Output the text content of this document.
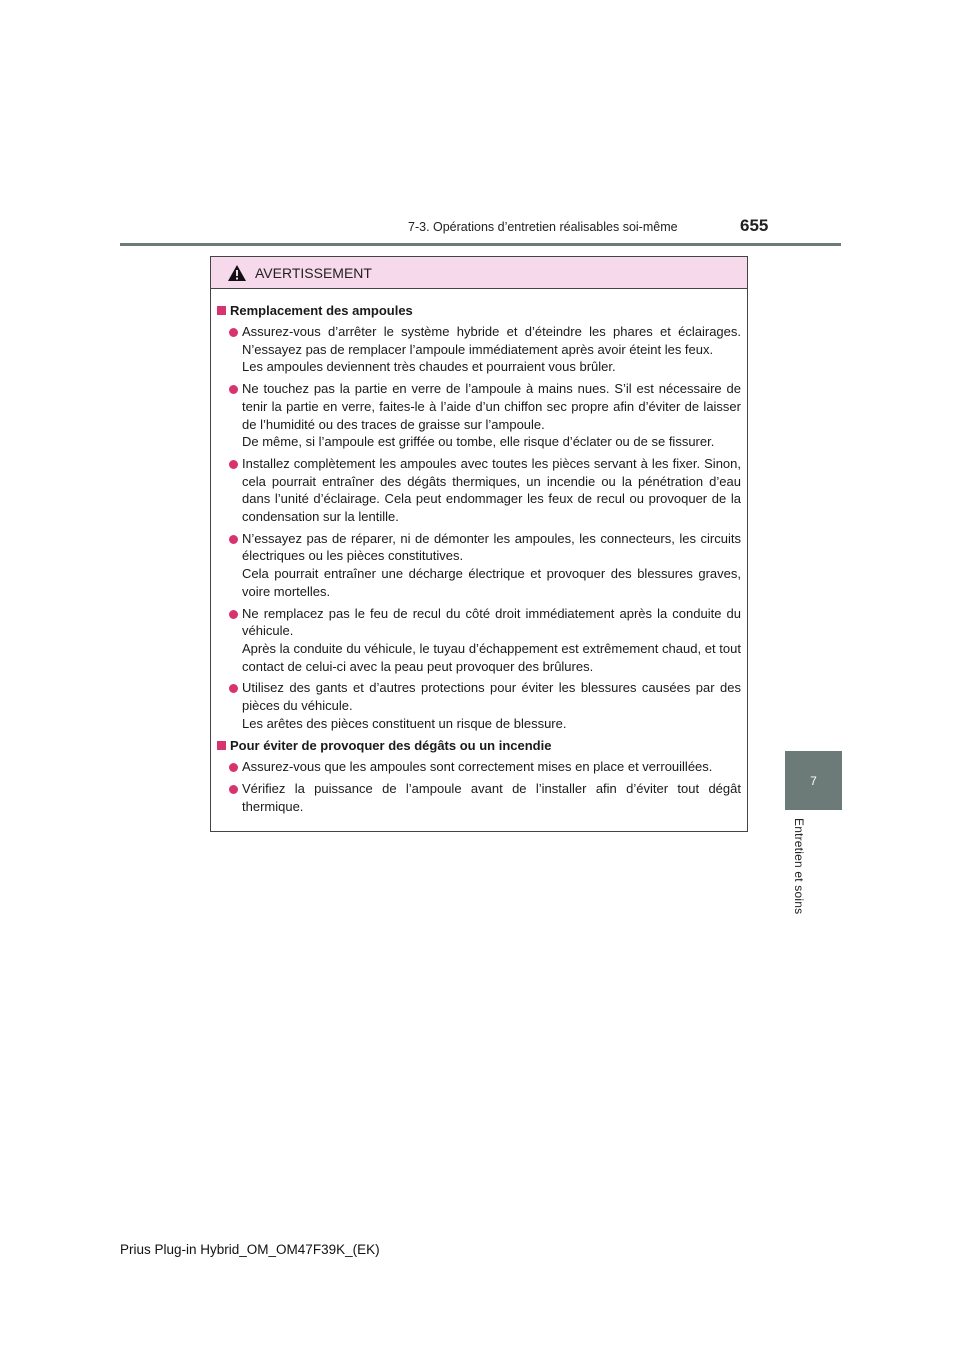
7-3. Opérations d’entretien réalisables soi-même	655
7
Entretien et soins
AVERTISSEMENT
Remplacement des ampoules

Assurez-vous d’arrêter le système hybride et d’éteindre les phares et éclairages. N’essayez pas de remplacer l’ampoule immédiatement après avoir éteint les feux.

Les ampoules deviennent très chaudes et pourraient vous brûler.

Ne touchez pas la partie en verre de l’ampoule à mains nues. S’il est nécessaire de tenir la partie en verre, faites-le à l’aide d’un chiffon sec propre afin d’éviter de laisser de l’humidité ou des traces de graisse sur l’ampoule.

De même, si l’ampoule est griffée ou tombe, elle risque d’éclater ou de se fissurer.

Installez complètement les ampoules avec toutes les pièces servant à les fixer. Sinon, cela pourrait entraîner des dégâts thermiques, un incendie ou la pénétration d’eau dans l’unité d’éclairage. Cela peut endommager les feux de recul ou provoquer de la condensation sur la lentille.

N’essayez pas de réparer, ni de démonter les ampoules, les connecteurs, les circuits électriques ou les pièces constitutives.

Cela pourrait entraîner une décharge électrique et provoquer des blessures graves, voire mortelles.

Ne remplacez pas le feu de recul du côté droit immédiatement après la conduite du véhicule.

Après la conduite du véhicule, le tuyau d’échappement est extrêmement chaud, et tout contact de celui-ci avec la peau peut provoquer des brûlures.

Utilisez des gants et d’autres protections pour éviter les blessures causées par des pièces du véhicule.

Les arêtes des pièces constituent un risque de blessure.

Pour éviter de provoquer des dégâts ou un incendie

Assurez-vous que les ampoules sont correctement mises en place et verrouillées.

Vérifiez la puissance de l’ampoule avant de l’installer afin d’éviter tout dégât thermique.

Prius Plug-in Hybrid_OM_OM47F39K_(EK)
